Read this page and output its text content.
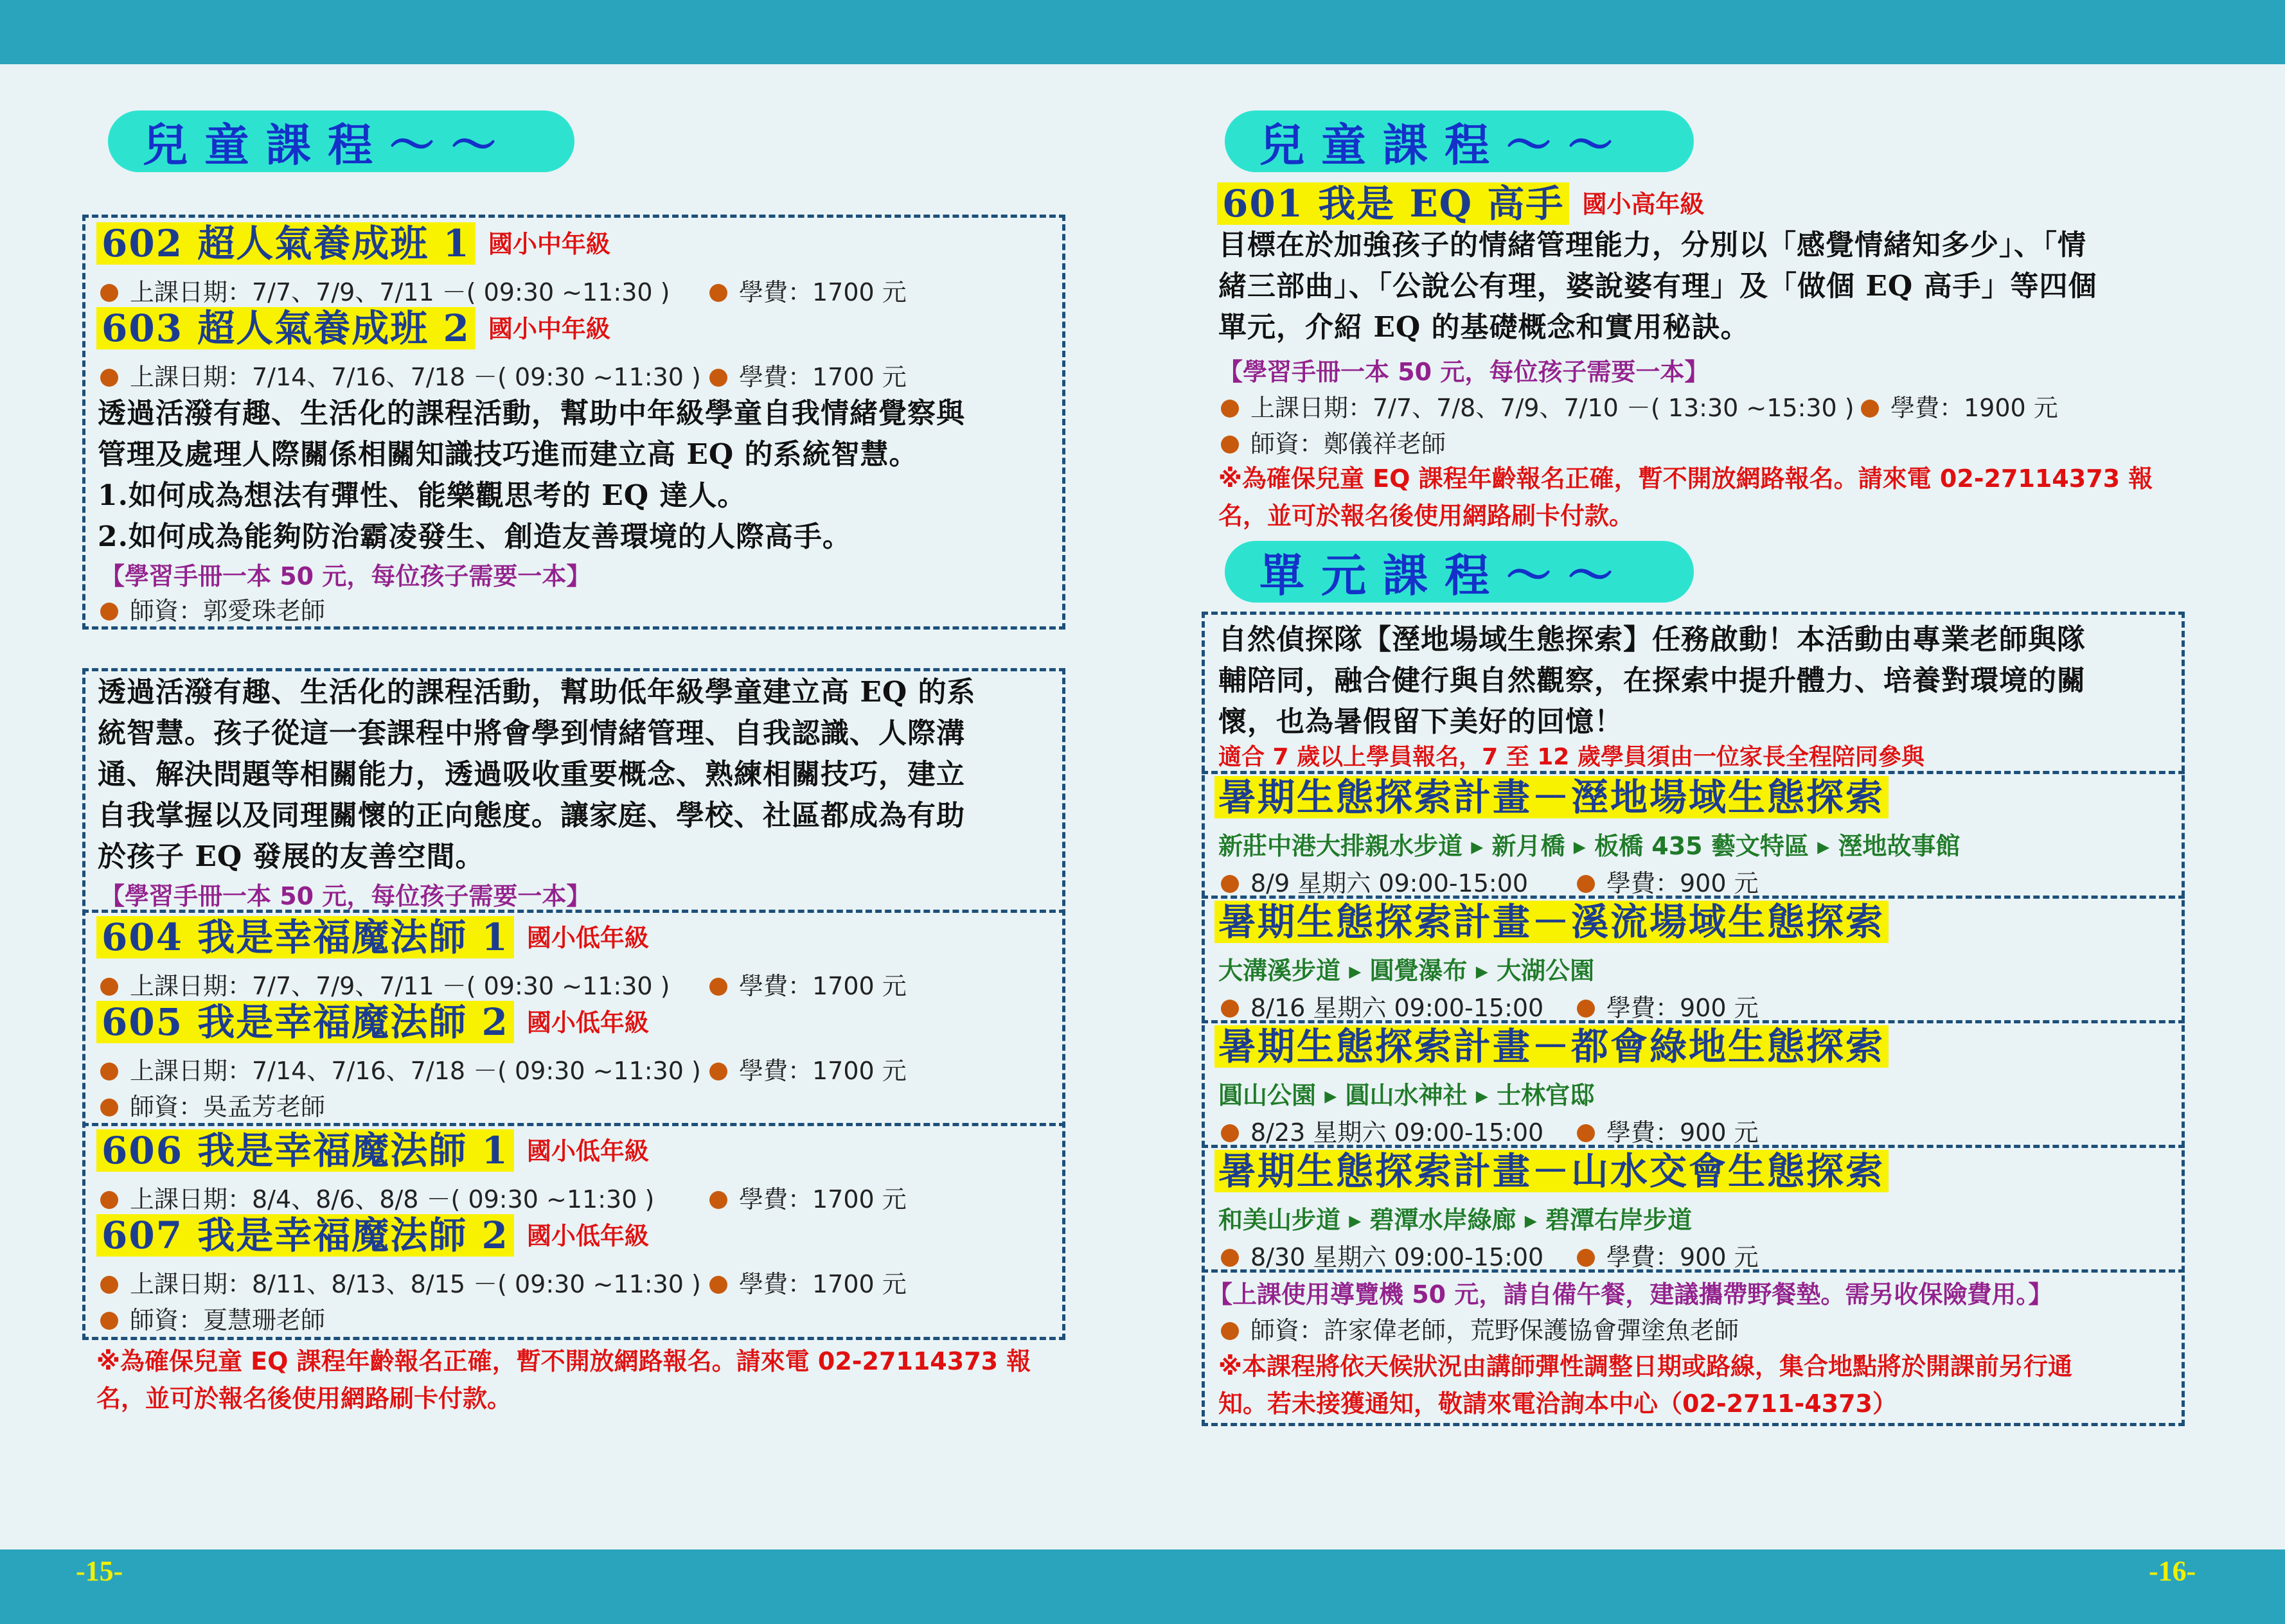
兒童課程～～
602 超人氣養成班 1 國小中年級
上課日期：7/7、7/9、7/11 －( 09:30 ~11:30 )	學費：1700 元
603 超人氣養成班 2 國小中年級
上課日期：7/14、7/16、7/18 －( 09:30 ~11:30 )	學費：1700 元
透過活潑有趣、生活化的課程活動，幫助中年級學童自我情緒覺察與
管理及處理人際關係相關知識技巧進而建立高 EQ 的系統智慧。
1.如何成為想法有彈性、能樂觀思考的 EQ 達人。
2.如何成為能夠防治霸凌發生、創造友善環境的人際高手。
【學習手冊一本 50 元，每位孩子需要一本】
師資：郭愛珠老師
透過活潑有趣、生活化的課程活動，幫助低年級學童建立高 EQ 的系
統智慧。孩子從這一套課程中將會學到情緒管理、自我認識、人際溝
通、解決問題等相關能力，透過吸收重要概念、熟練相關技巧，建立
自我掌握以及同理關懷的正向態度。讓家庭、學校、社區都成為有助
於孩子 EQ 發展的友善空間。
【學習手冊一本 50 元，每位孩子需要一本】
604 我是幸福魔法師 1 國小低年級
上課日期：7/7、7/9、7/11 －( 09:30 ~11:30 )	學費：1700 元
605 我是幸福魔法師 2 國小低年級
上課日期：7/14、7/16、7/18 －( 09:30 ~11:30 )	學費：1700 元
師資：吳孟芳老師
606 我是幸福魔法師 1 國小低年級
上課日期：8/4、8/6、8/8 －( 09:30 ~11:30 )	學費：1700 元
607 我是幸福魔法師 2 國小低年級
上課日期：8/11、8/13、8/15 －( 09:30 ~11:30 )	學費：1700 元
師資：夏慧珊老師
※為確保兒童 EQ 課程年齡報名正確，暫不開放網路報名。請來電 02-27114373 報
名，並可於報名後使用網路刷卡付款。
-15-
兒童課程～～
601 我是 EQ 高手 國小高年級
目標在於加強孩子的情緒管理能力，分別以「感覺情緒知多少」、「情
緒三部曲」、「公說公有理，婆說婆有理」及「做個 EQ 高手」等四個
單元，介紹 EQ 的基礎概念和實用秘訣。
【學習手冊一本 50 元，每位孩子需要一本】
上課日期：7/7、7/8、7/9、7/10 －( 13:30 ~15:30 )	學費：1900 元
師資：鄭儀祥老師
※為確保兒童 EQ 課程年齡報名正確，暫不開放網路報名。請來電 02-27114373 報
名，並可於報名後使用網路刷卡付款。
單元課程～～
自然偵探隊【溼地場域生態探索】任務啟動！本活動由專業老師與隊
輔陪同，融合健行與自然觀察，在探索中提升體力、培養對環境的關
懷，也為暑假留下美好的回憶！
適合 7 歲以上學員報名，7 至 12 歲學員須由一位家長全程陪同參與
暑期生態探索計畫－溼地場域生態探索
新莊中港大排親水步道 ▸ 新月橋 ▸ 板橋 435 藝文特區 ▸ 溼地故事館
8/9 星期六 09:00-15:00	學費：900 元
暑期生態探索計畫－溪流場域生態探索
大溝溪步道 ▸ 圓覺瀑布 ▸ 大湖公園
8/16 星期六 09:00-15:00	學費：900 元
暑期生態探索計畫－都會綠地生態探索
圓山公園 ▸ 圓山水神社 ▸ 士林官邸
8/23 星期六 09:00-15:00	學費：900 元
暑期生態探索計畫－山水交會生態探索
和美山步道 ▸ 碧潭水岸綠廊 ▸ 碧潭右岸步道
8/30 星期六 09:00-15:00	學費：900 元
【上課使用導覽機 50 元，請自備午餐，建議攜帶野餐墊。需另收保險費用。】
師資：許家偉老師，荒野保護協會彈塗魚老師
※本課程將依天候狀況由講師彈性調整日期或路線，集合地點將於開課前另行通
知。若未接獲通知，敬請來電洽詢本中心（02-2711-4373）
-16-
